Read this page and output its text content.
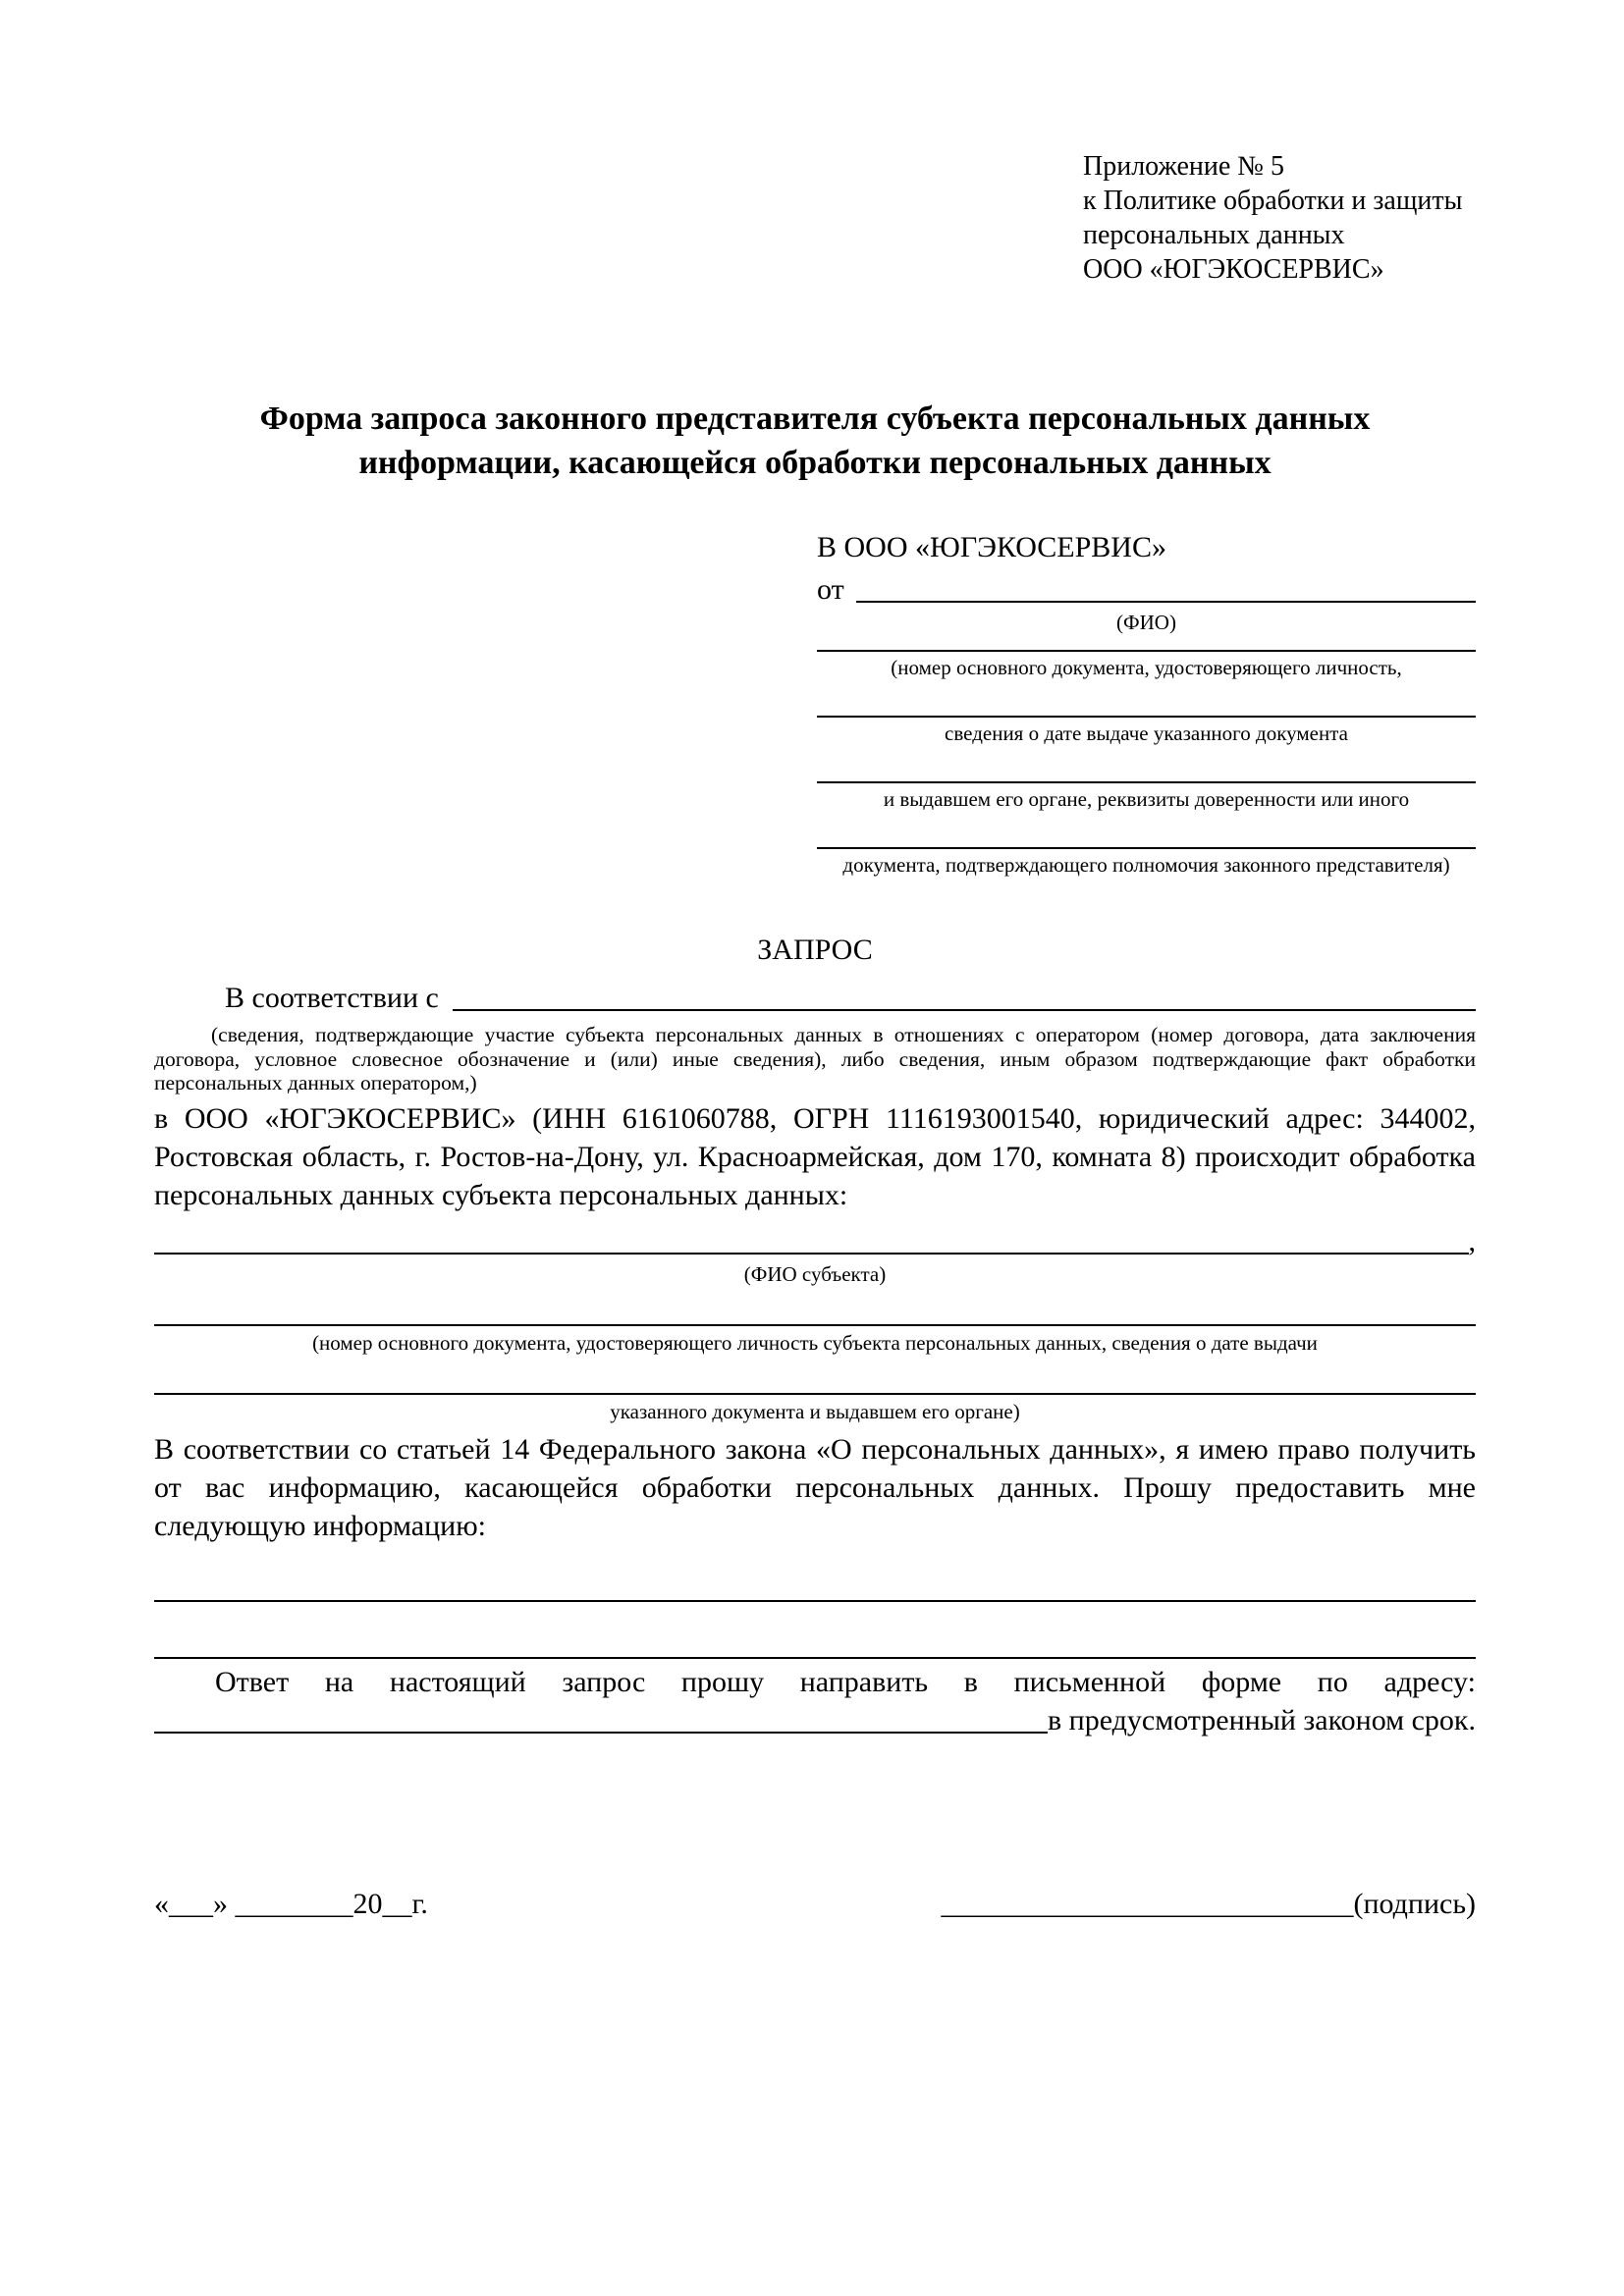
Приложение № 5
к Политике обработки и защиты
персональных данных
ООО «ЮГЭКОСЕРВИС»
Форма запроса законного представителя субъекта персональных данных
информации, касающейся обработки персональных данных
В ООО «ЮГЭКОСЕРВИС»
от
(ФИО)
(номер основного документа, удостоверяющего личность,
сведения о дате выдаче указанного документа
и выдавшем его органе, реквизиты доверенности или иного
документа, подтверждающего полномочия законного представителя)
ЗАПРОС
В соответствии с
(сведения, подтверждающие участие субъекта персональных данных в отношениях с оператором (номер договора, дата заключения договора, условное словесное обозначение и (или) иные сведения), либо сведения, иным образом подтверждающие факт обработки персональных данных оператором,)
в ООО «ЮГЭКОСЕРВИС» (ИНН 6161060788, ОГРН 1116193001540, юридический адрес: 344002, Ростовская область, г. Ростов-на-Дону, ул. Красноармейская, дом 170, комната 8) происходит обработка персональных данных субъекта персональных данных:
,
(ФИО субъекта)
(номер основного документа, удостоверяющего личность субъекта персональных данных, сведения о дате выдачи
указанного документа и выдавшем его органе)
В соответствии со статьей 14 Федерального закона «О персональных данных», я имею право получить от вас информацию, касающейся обработки персональных данных. Прошу предоставить мне следующую информацию:
Ответ на настоящий запрос прошу направить в письменной форме по адресу:
в предусмотренный законом срок.
«___» ________20__г.	____________________________(подпись)
